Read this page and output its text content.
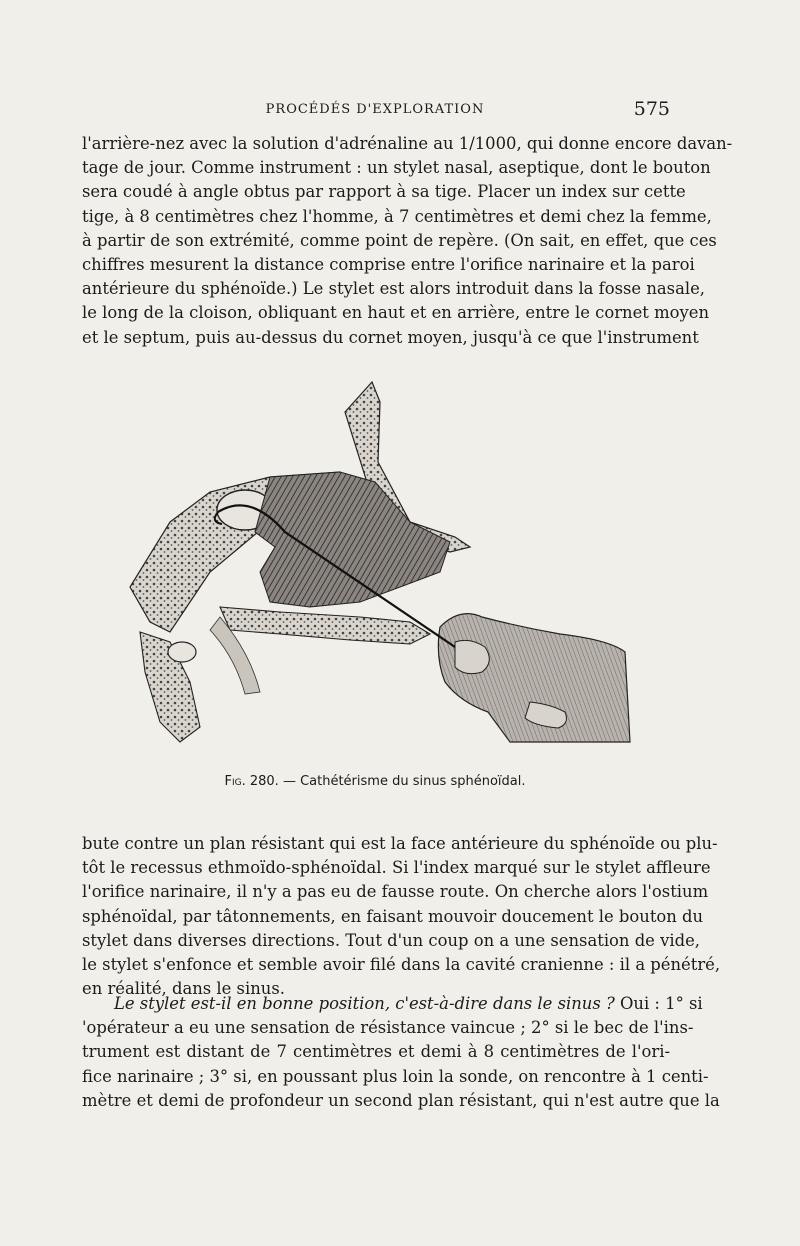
PROCÉDÉS D'EXPLORATION	575
l'arrière-nez avec la solution d'adrénaline au 1/1000, qui donne encore davan-
tage de jour. Comme instrument : un stylet nasal, aseptique, dont le bouton
sera coudé à angle obtus par rapport à sa tige. Placer un index sur cette
tige, à 8 centimètres chez l'homme, à 7 centimètres et demi chez la femme,
à partir de son extrémité, comme point de repère. (On sait, en effet, que ces
chiffres mesurent la distance comprise entre l'orifice narinaire et la paroi
antérieure du sphénoïde.) Le stylet est alors introduit dans la fosse nasale,
le long de la cloison, obliquant en haut et en arrière, entre le cornet moyen
et le septum, puis au-dessus du cornet moyen, jusqu'à ce que l'instrument
Fig. 280. — Cathétérisme du sinus sphénoïdal.
bute contre un plan résistant qui est la face antérieure du sphénoïde ou plu-
tôt le recessus ethmoïdo-sphénoïdal. Si l'index marqué sur le stylet affleure
l'orifice narinaire, il n'y a pas eu de fausse route. On cherche alors l'ostium
sphénoïdal, par tâtonnements, en faisant mouvoir doucement le bouton du
stylet dans diverses directions. Tout d'un coup on a une sensation de vide,
le stylet s'enfonce et semble avoir filé dans la cavité cranienne : il a pénétré,
en réalité, dans le sinus.
Le stylet est-il en bonne position, c'est-à-dire dans le sinus ? Oui : 1° si
'opérateur a eu une sensation de résistance vaincue ; 2° si le bec de l'ins-
trument est distant de 7 centimètres et demi à 8 centimètres de l'ori-
fice narinaire ; 3° si, en poussant plus loin la sonde, on rencontre à 1 centi-
mètre et demi de profondeur un second plan résistant, qui n'est autre que la
